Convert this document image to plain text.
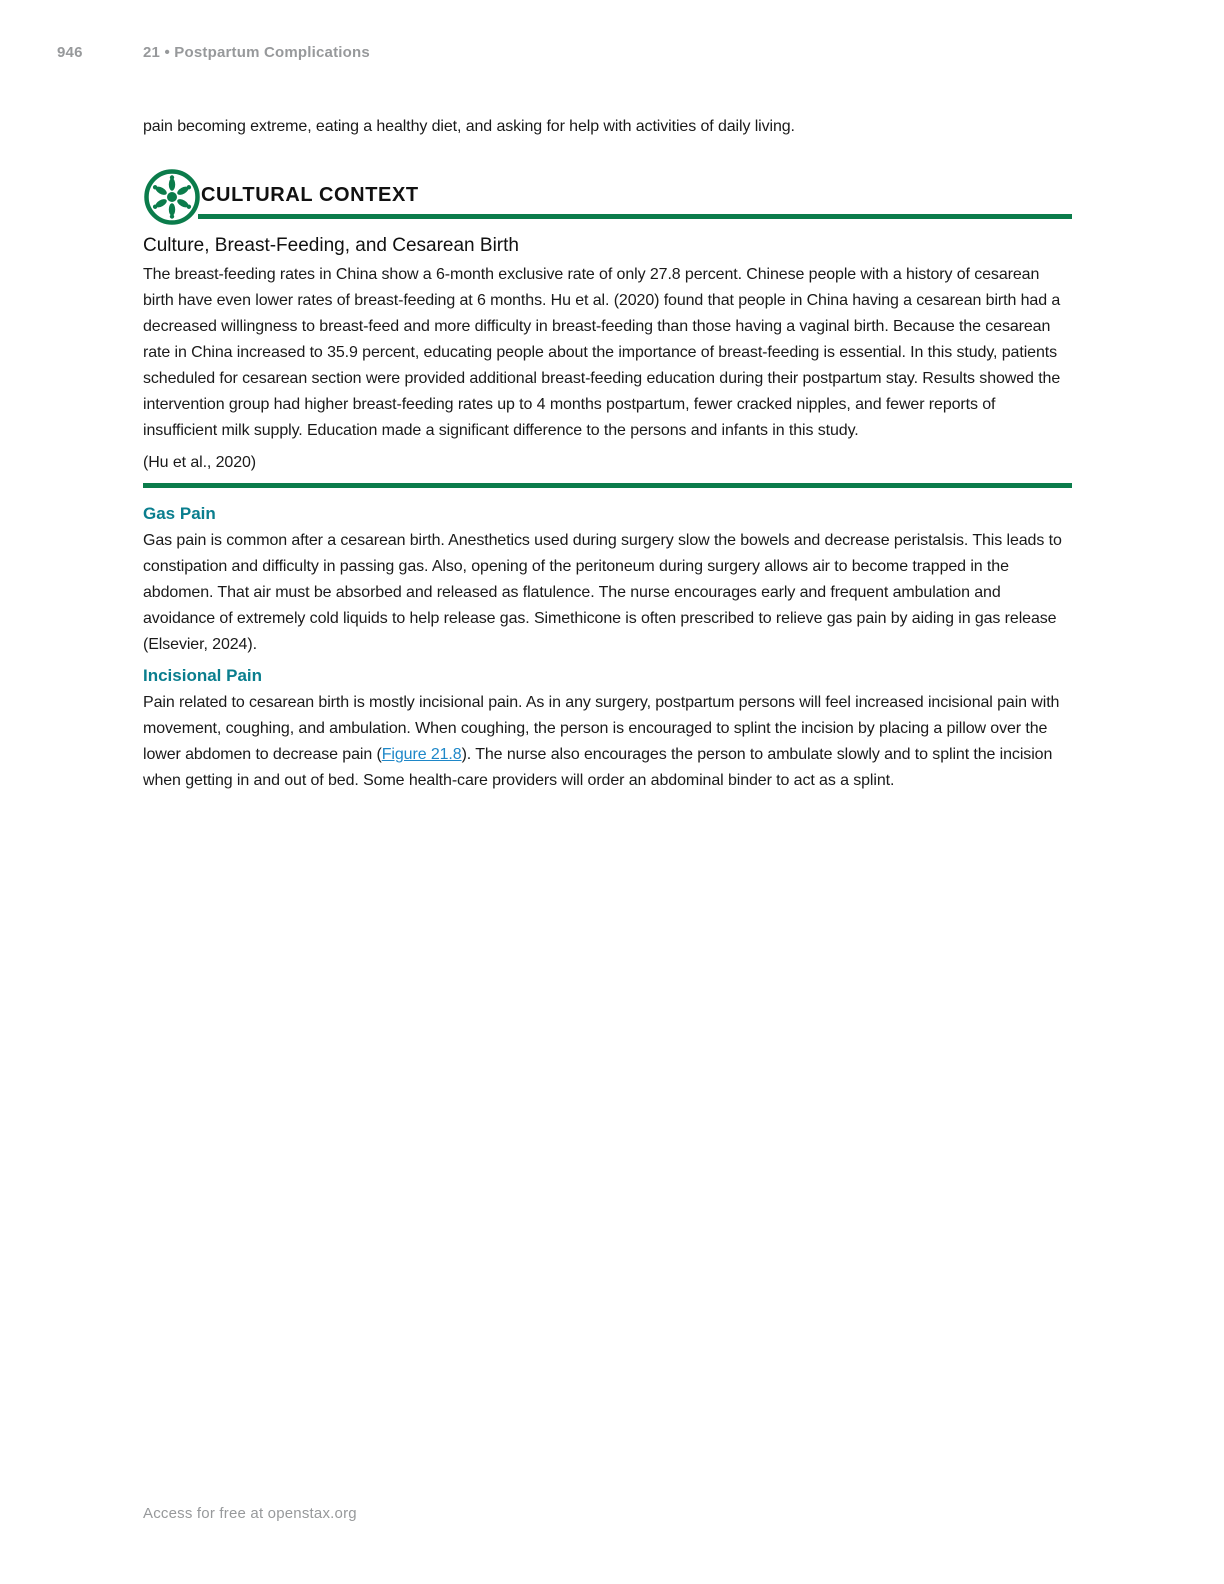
946	21 • Postpartum Complications

pain becoming extreme, eating a healthy diet, and asking for help with activities of daily living.

CULTURAL CONTEXT
Culture, Breast-Feeding, and Cesarean Birth

The breast-feeding rates in China show a 6-month exclusive rate of only 27.8 percent. Chinese people with a history of cesarean birth have even lower rates of breast-feeding at 6 months. Hu et al. (2020) found that people in China having a cesarean birth had a decreased willingness to breast-feed and more difficulty in breast-feeding than those having a vaginal birth. Because the cesarean rate in China increased to 35.9 percent, educating people about the importance of breast-feeding is essential. In this study, patients scheduled for cesarean section were provided additional breast-feeding education during their postpartum stay. Results showed the intervention group had higher breast-feeding rates up to 4 months postpartum, fewer cracked nipples, and fewer reports of insufficient milk supply. Education made a significant difference to the persons and infants in this study.

(Hu et al., 2020)

Gas Pain

Gas pain is common after a cesarean birth. Anesthetics used during surgery slow the bowels and decrease peristalsis. This leads to constipation and difficulty in passing gas. Also, opening of the peritoneum during surgery allows air to become trapped in the abdomen. That air must be absorbed and released as flatulence. The nurse encourages early and frequent ambulation and avoidance of extremely cold liquids to help release gas. Simethicone is often prescribed to relieve gas pain by aiding in gas release (Elsevier, 2024).

Incisional Pain

Pain related to cesarean birth is mostly incisional pain. As in any surgery, postpartum persons will feel increased incisional pain with movement, coughing, and ambulation. When coughing, the person is encouraged to splint the incision by placing a pillow over the lower abdomen to decrease pain (Figure 21.8). The nurse also encourages the person to ambulate slowly and to splint the incision when getting in and out of bed. Some health-care providers will order an abdominal binder to act as a splint.

Access for free at openstax.org
